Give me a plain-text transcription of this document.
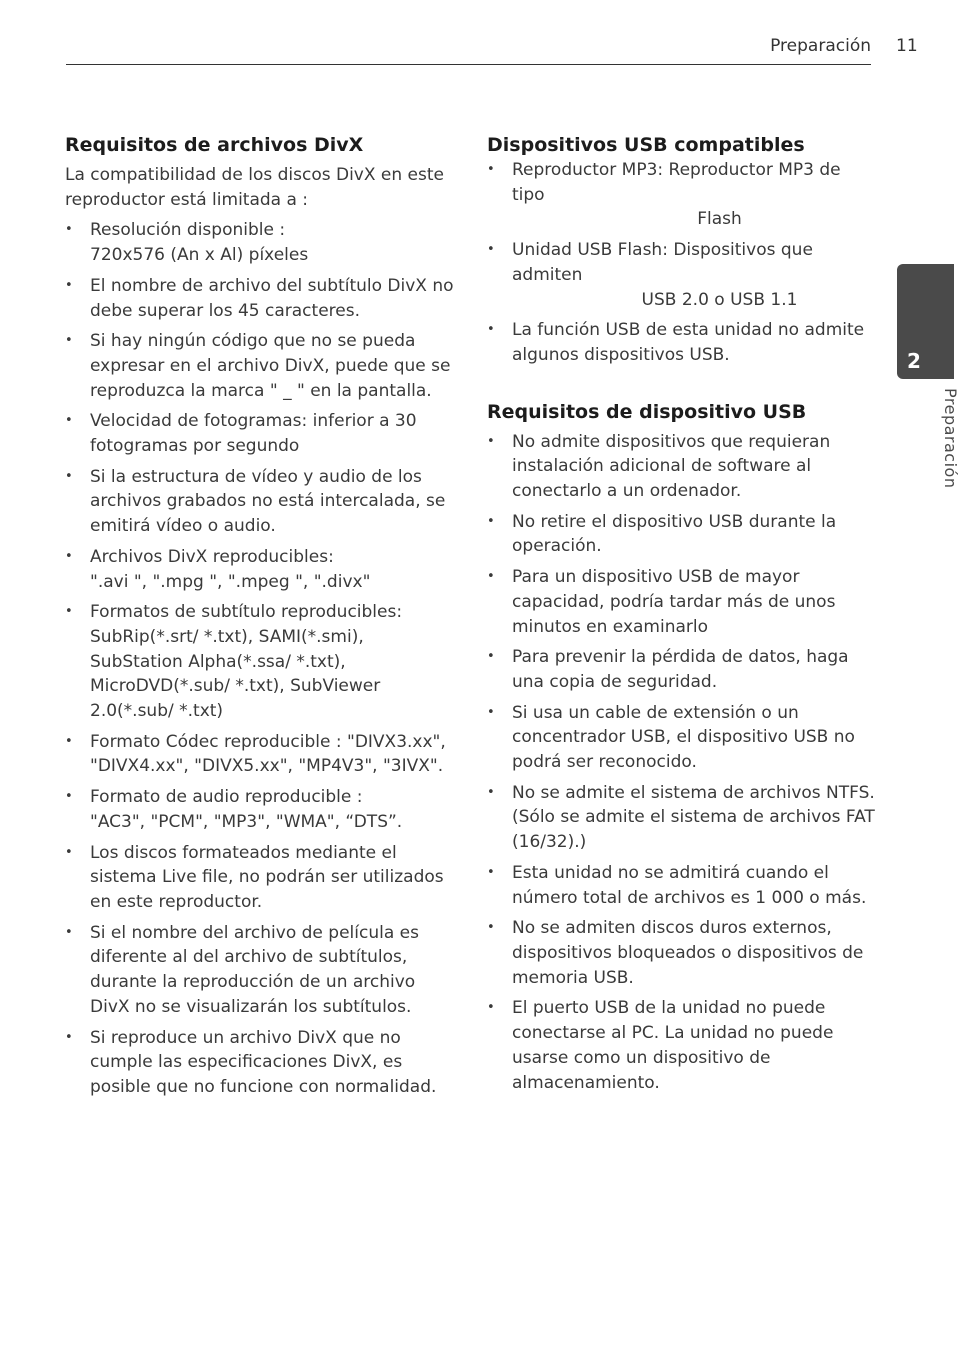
Preparación 11
2
Preparación
Requisitos de archivos DivX

La compatibilidad de los discos DivX en este reproductor está limitada a :

• Resolución disponible :
720x576 (An x Al) píxeles
• El nombre de archivo del subtítulo DivX no debe superar los 45 caracteres.
• Si hay ningún código que no se pueda expresar en el archivo DivX, puede que se reproduzca la marca " _ " en la pantalla.
• Velocidad de fotogramas: inferior a 30 fotogramas por segundo
• Si la estructura de vídeo y audio de los archivos grabados no está intercalada, se emitirá vídeo o audio.
• Archivos DivX reproducibles:
".avi ", ".mpg ", ".mpeg ", ".divx"
• Formatos de subtítulo reproducibles: SubRip(*.srt/ *.txt), SAMI(*.smi), SubStation Alpha(*.ssa/ *.txt), MicroDVD(*.sub/ *.txt), SubViewer 2.0(*.sub/ *.txt)
• Formato Códec reproducible : "DIVX3.xx", "DIVX4.xx", "DIVX5.xx", "MP4V3", "3IVX".
• Formato de audio reproducible :
"AC3", "PCM", "MP3", "WMA", “DTS”.
• Los discos formateados mediante el sistema Live file, no podrán ser utilizados en este reproductor.
• Si el nombre del archivo de película es diferente al del archivo de subtítulos, durante la reproducción de un archivo DivX no se visualizarán los subtítulos.
• Si reproduce un archivo DivX que no cumple las especificaciones DivX, es posible que no funcione con normalidad.
Dispositivos USB compatibles
• Reproductor MP3: Reproductor MP3 de tipo
Flash
• Unidad USB Flash: Dispositivos que admiten
USB 2.0 o USB 1.1
• La función USB de esta unidad no admite algunos dispositivos USB.
Requisitos de dispositivo USB
• No admite dispositivos que requieran instalación adicional de software al conectarlo a un ordenador.
• No retire el dispositivo USB durante la operación.
• Para un dispositivo USB de mayor capacidad, podría tardar más de unos minutos en examinarlo
• Para prevenir la pérdida de datos, haga una copia de seguridad.
• Si usa un cable de extensión o un concentrador USB, el dispositivo USB no podrá ser reconocido.
• No se admite el sistema de archivos NTFS. (Sólo se admite el sistema de archivos FAT (16/32).)
• Esta unidad no se admitirá cuando el número total de archivos es 1 000 o más.
• No se admiten discos duros externos, dispositivos bloqueados o dispositivos de memoria USB.
• El puerto USB de la unidad no puede conectarse al PC. La unidad no puede usarse como un dispositivo de almacenamiento.
